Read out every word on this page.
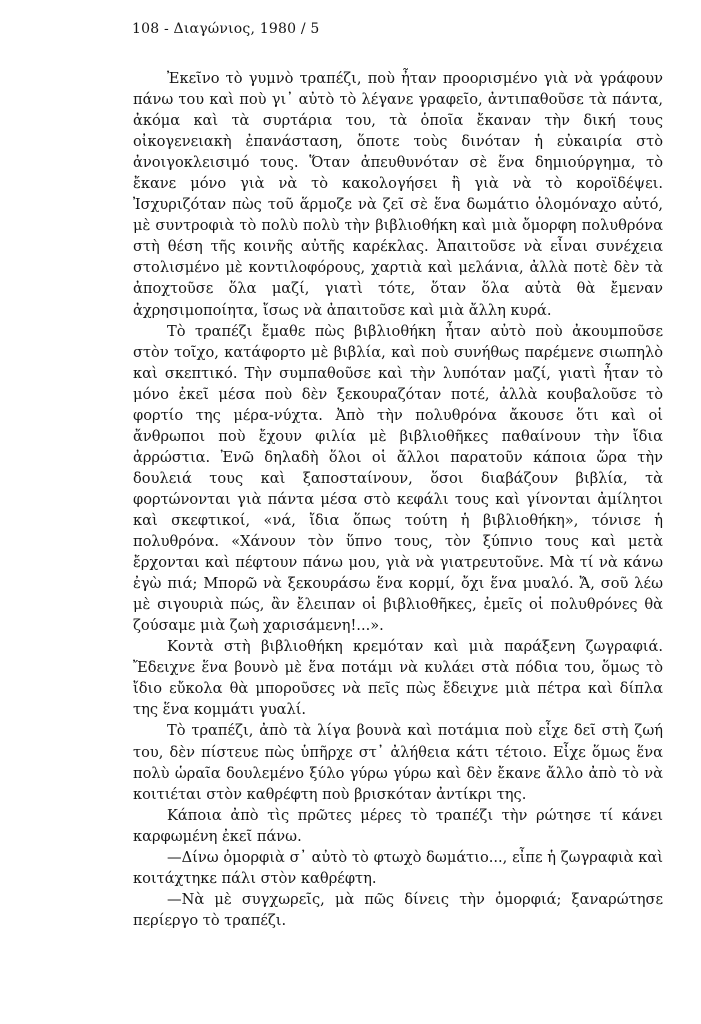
108 - Διαγώνιος, 1980 / 5

Ἐκεῖνο τὸ γυμνὸ τραπέζι, ποὺ ἦταν προορισμένο γιὰ νὰ γράφουν πάνω του καὶ ποὺ γι᾽ αὐτὸ τὸ λέγανε γραφεῖο, ἀντιπαθοῦσε τὰ πάντα, ἀκόμα καὶ τὰ συρτάρια του, τὰ ὁποῖα ἔκαναν τὴν δική τους οἰκογενειακὴ ἐπανάσταση, ὅποτε τοὺς δινόταν ἡ εὐκαιρία στὸ ἀνοιγοκλεισιμό τους. Ὅταν ἀπευθυνόταν σὲ ἕνα δημιούργημα, τὸ ἔκανε μόνο γιὰ νὰ τὸ κακολογήσει ἢ γιὰ νὰ τὸ κοροϊδέψει. Ἰσχυριζόταν πὼς τοῦ ἅρμοζε νὰ ζεῖ σὲ ἕνα δωμάτιο ὁλομόναχο αὐτό, μὲ συντροφιὰ τὸ πολὺ πολὺ τὴν βιβλιοθήκη καὶ μιὰ ὄμορφη πολυθρόνα στὴ θέση τῆς κοινῆς αὐτῆς καρέκλας. Ἀπαιτοῦσε νὰ εἶναι συνέχεια στολισμένο μὲ κοντιλοφόρους, χαρτιὰ καὶ μελάνια, ἀλλὰ ποτὲ δὲν τὰ ἀποχτοῦσε ὅλα μαζί, γιατὶ τότε, ὅταν ὅλα αὐτὰ θὰ ἔμεναν ἀχρησιμοποίητα, ἴσως νὰ ἀπαιτοῦσε καὶ μιὰ ἄλλη κυρά.

Τὸ τραπέζι ἔμαθε πὼς βιβλιοθήκη ἦταν αὐτὸ ποὺ ἀκουμποῦσε στὸν τοῖχο, κατάφορτο μὲ βιβλία, καὶ ποὺ συνήθως παρέμενε σιωπηλὸ καὶ σκεπτικό. Τὴν συμπαθοῦσε καὶ τὴν λυπόταν μαζί, γιατὶ ἦταν τὸ μόνο ἐκεῖ μέσα ποὺ δὲν ξεκουραζόταν ποτέ, ἀλλὰ κουβαλοῦσε τὸ φορτίο της μέρα-νύχτα. Ἀπὸ τὴν πολυθρόνα ἄκουσε ὅτι καὶ οἱ ἄνθρωποι ποὺ ἔχουν φιλία μὲ βιβλιοθῆκες παθαίνουν τὴν ἴδια ἀρρώστια. Ἐνῶ δηλαδὴ ὅλοι οἱ ἄλλοι παρατοῦν κάποια ὥρα τὴν δουλειά τους καὶ ξαποσταίνουν, ὅσοι διαβάζουν βιβλία, τὰ φορτώνονται γιὰ πάντα μέσα στὸ κεφάλι τους καὶ γίνονται ἀμίλητοι καὶ σκεφτικοί, «νά, ἴδια ὅπως τούτη ἡ βιβλιοθήκη», τόνισε ἡ πολυθρόνα. «Χάνουν τὸν ὕπνο τους, τὸν ξύπνιο τους καὶ μετὰ ἔρχονται καὶ πέφτουν πάνω μου, γιὰ νὰ γιατρευτοῦνε. Μὰ τί νὰ κάνω ἐγὼ πιά; Μπορῶ νὰ ξεκουράσω ἕνα κορμί, ὄχι ἕνα μυαλό. Ἄ, σοῦ λέω μὲ σιγουριὰ πώς, ἂν ἔλειπαν οἱ βιβλιοθῆκες, ἐμεῖς οἱ πολυθρόνες θὰ ζούσαμε μιὰ ζωὴ χαρισάμενη!...».

Κοντὰ στὴ βιβλιοθήκη κρεμόταν καὶ μιὰ παράξενη ζωγραφιά. Ἔδειχνε ἕνα βουνὸ μὲ ἕνα ποτάμι νὰ κυλάει στὰ πόδια του, ὅμως τὸ ἴδιο εὔκολα θὰ μποροῦσες νὰ πεῖς πὼς ἔδειχνε μιὰ πέτρα καὶ δίπλα της ἕνα κομμάτι γυαλί.

Τὸ τραπέζι, ἀπὸ τὰ λίγα βουνὰ καὶ ποτάμια ποὺ εἶχε δεῖ στὴ ζωή του, δὲν πίστευε πὼς ὑπῆρχε στ᾽ ἀλήθεια κάτι τέτοιο. Εἶχε ὅμως ἕνα πολὺ ὡραῖα δουλεμένο ξύλο γύρω γύρω καὶ δὲν ἔκανε ἄλλο ἀπὸ τὸ νὰ κοιτιέται στὸν καθρέφτη ποὺ βρισκόταν ἀντίκρι της.

Κάποια ἀπὸ τὶς πρῶτες μέρες τὸ τραπέζι τὴν ρώτησε τί κάνει καρφωμένη ἐκεῖ πάνω.

—Δίνω ὀμορφιὰ σ᾽ αὐτὸ τὸ φτωχὸ δωμάτιο..., εἶπε ἡ ζωγραφιὰ καὶ κοιτάχτηκε πάλι στὸν καθρέφτη.

—Νὰ μὲ συγχωρεῖς, μὰ πῶς δίνεις τὴν ὀμορφιά; ξαναρώτησε περίεργο τὸ τραπέζι.
